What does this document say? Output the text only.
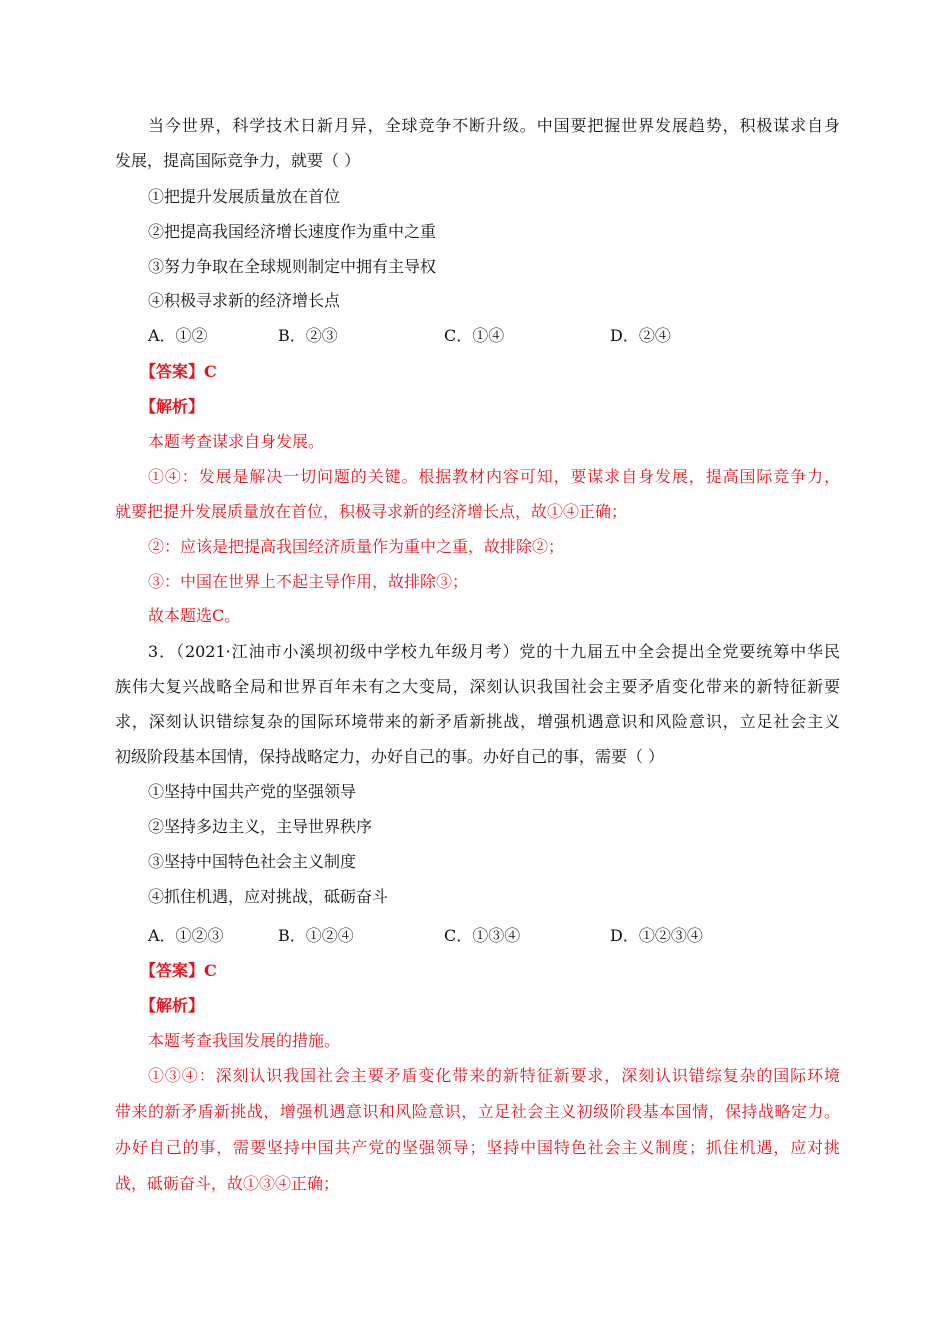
当今世界，科学技术日新月异，全球竞争不断升级。中国要把握世界发展趋势，积极谋求自身
发展，提高国际竞争力，就要（ ）
①把提升发展质量放在首位
②把提高我国经济增长速度作为重中之重
③努力争取在全球规则制定中拥有主导权
④积极寻求新的经济增长点
A．①②	B．②③	C．①④	D．②④
【答案】C
【解析】
本题考查谋求自身发展。
①④：发展是解决一切问题的关键。根据教材内容可知，要谋求自身发展，提高国际竞争力，
就要把提升发展质量放在首位，积极寻求新的经济增长点，故①④正确；
②：应该是把提高我国经济质量作为重中之重，故排除②；
③：中国在世界上不起主导作用，故排除③；
故本题选C。
3．（2021·江油市小溪坝初级中学校九年级月考）党的十九届五中全会提出全党要统筹中华民
族伟大复兴战略全局和世界百年未有之大变局，深刻认识我国社会主要矛盾变化带来的新特征新要
求，深刻认识错综复杂的国际环境带来的新矛盾新挑战，增强机遇意识和风险意识，立足社会主义
初级阶段基本国情，保持战略定力，办好自己的事。办好自己的事，需要（ ）
①坚持中国共产党的坚强领导
②坚持多边主义，主导世界秩序
③坚持中国特色社会主义制度
④抓住机遇，应对挑战，砥砺奋斗
A．①②③	B．①②④	C．①③④	D．①②③④
【答案】C
【解析】
本题考查我国发展的措施。
①③④：深刻认识我国社会主要矛盾变化带来的新特征新要求，深刻认识错综复杂的国际环境
带来的新矛盾新挑战，增强机遇意识和风险意识，立足社会主义初级阶段基本国情，保持战略定力。
办好自己的事，需要坚持中国共产党的坚强领导；坚持中国特色社会主义制度；抓住机遇，应对挑
战，砥砺奋斗，故①③④正确；
